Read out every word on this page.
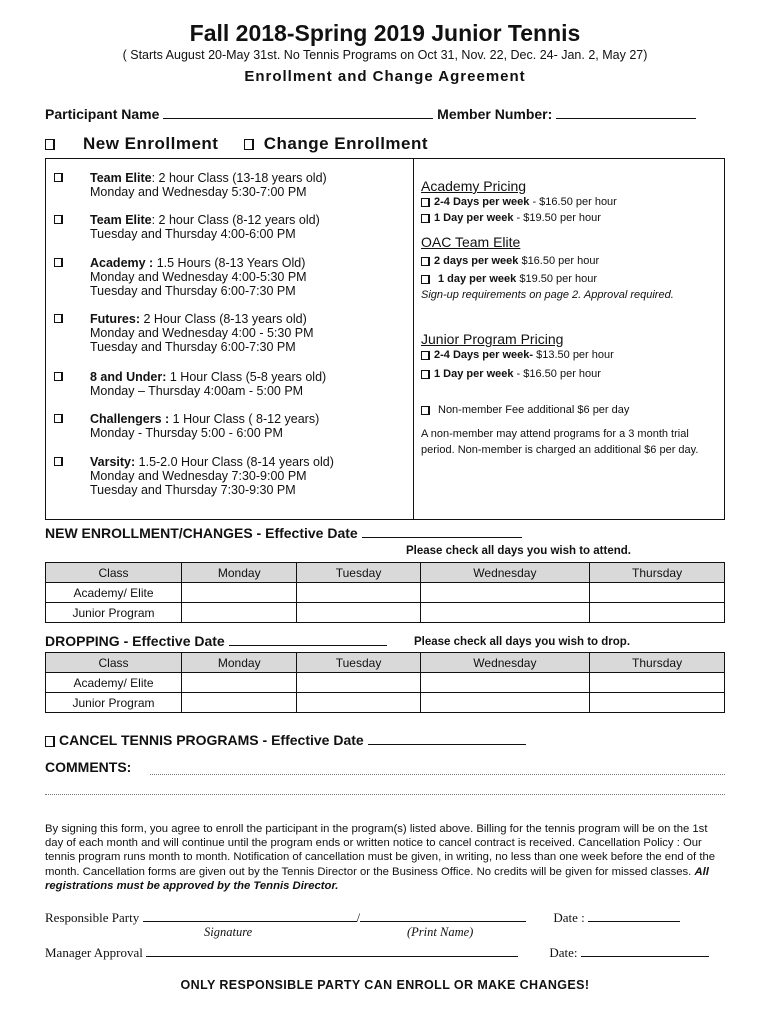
Fall 2018-Spring 2019 Junior Tennis
( Starts August 20-May 31st. No Tennis Programs on Oct 31, Nov. 22, Dec. 24- Jan. 2, May 27)
Enrollment and Change Agreement
Participant Name	Member Number:
New Enrollment	Change Enrollment
Team Elite: 2 hour Class (13-18 years old)
Monday and Wednesday 5:30-7:00 PM
Team Elite: 2 hour Class (8-12 years old)
Tuesday and Thursday 4:00-6:00 PM
Academy : 1.5 Hours (8-13 Years Old)
Monday and Wednesday 4:00-5:30 PM
Tuesday and Thursday 6:00-7:30 PM
Futures: 2 Hour Class (8-13 years old)
Monday and Wednesday 4:00 - 5:30 PM
Tuesday and Thursday 6:00-7:30 PM
8 and Under: 1 Hour Class (5-8 years old)
Monday – Thursday 4:00am - 5:00 PM
Challengers : 1 Hour Class ( 8-12 years)
Monday - Thursday 5:00 - 6:00 PM
Varsity: 1.5-2.0 Hour Class (8-14 years old)
Monday and Wednesday 7:30-9:00 PM
Tuesday and Thursday 7:30-9:30 PM
Academy Pricing
2-4 Days per week - $16.50 per hour
1 Day per week - $19.50 per hour
OAC Team Elite
2 days per week $16.50 per hour
1 day per week $19.50 per hour
Sign-up requirements on page 2. Approval required.
Junior Program Pricing
2-4 Days per week- $13.50 per hour
1 Day per week - $16.50 per hour
Non-member Fee additional $6 per day
A non-member may attend programs for a 3 month trial period. Non-member is charged an additional $6 per day.
NEW ENROLLMENT/CHANGES - Effective Date
Please check all days you wish to attend.
Class	Monday	Tuesday	Wednesday	Thursday
Academy/ Elite				
Junior Program				
DROPPING - Effective Date	Please check all days you wish to drop.
Class	Monday	Tuesday	Wednesday	Thursday
Academy/ Elite				
Junior Program				
CANCEL TENNIS PROGRAMS - Effective Date
COMMENTS:
By signing this form, you agree to enroll the participant in the program(s) listed above. Billing for the tennis program will be on the 1st day of each month and will continue until the program ends or written notice to cancel contract is received. Cancellation Policy : Our tennis program runs month to month. Notification of cancellation must be given, in writing, no less than one week before the end of the month. Cancellation forms are given out by the Tennis Director or the Business Office. No credits will be given for missed classes. All registrations must be approved by the Tennis Director.
Responsible Party	/	Date :
Signature	(Print Name)
Manager Approval	Date:
ONLY RESPONSIBLE PARTY CAN ENROLL OR MAKE CHANGES!
